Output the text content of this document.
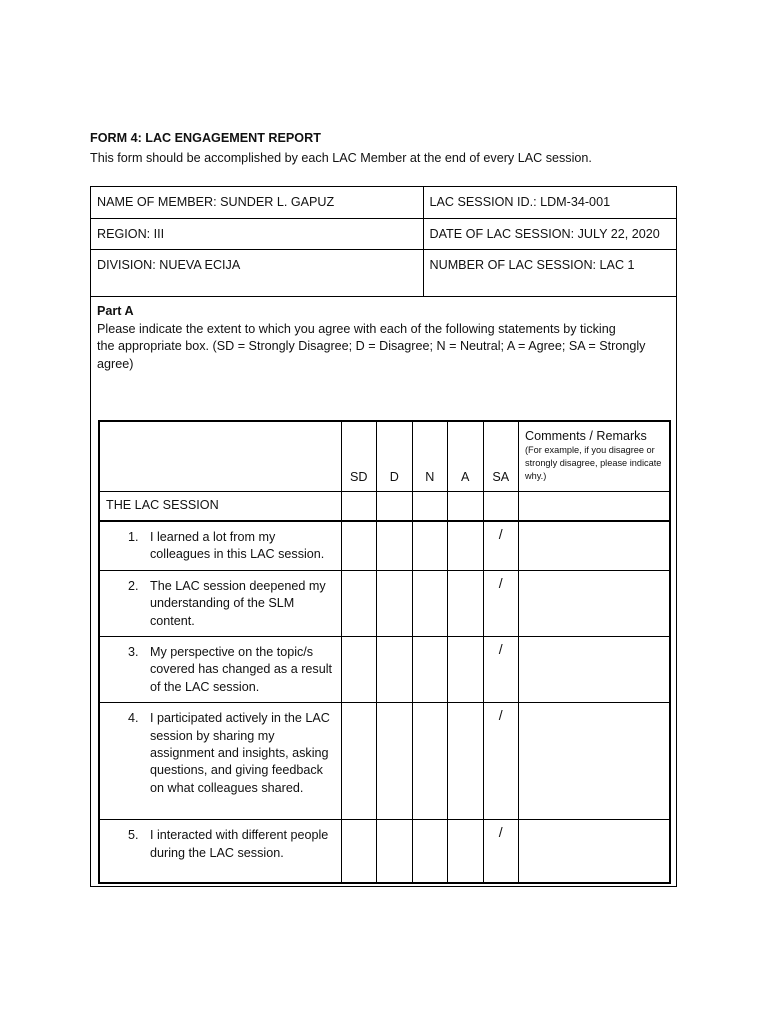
FORM 4: LAC ENGAGEMENT REPORT
This form should be accomplished by each LAC Member at the end of every LAC session.
NAME OF MEMBER: SUNDER L. GAPUZ	LAC SESSION ID.: LDM-34-001
REGION: III	DATE OF LAC SESSION: JULY 22, 2020
DIVISION: NUEVA ECIJA	NUMBER OF LAC SESSION: LAC 1
Part A
Please indicate the extent to which you agree with each of the following statements by ticking
the appropriate box. (SD = Strongly Disagree; D = Disagree; N = Neutral; A = Agree; SA = Strongly agree)
	SD	D	N	A	SA	Comments / Remarks
(For example, if you disagree or strongly disagree, please indicate why.)

THE LAC SESSION						

1. I learned a lot from my colleagues in this LAC session.					/	

2. The LAC session deepened my understanding of the SLM content.					/	

3. My perspective on the topic/s covered has changed as a result of the LAC session.					/	

4. I participated actively in the LAC session by sharing my assignment and insights, asking questions, and giving feedback on what colleagues shared.					/	

5. I interacted with different people during the LAC session.					/	
